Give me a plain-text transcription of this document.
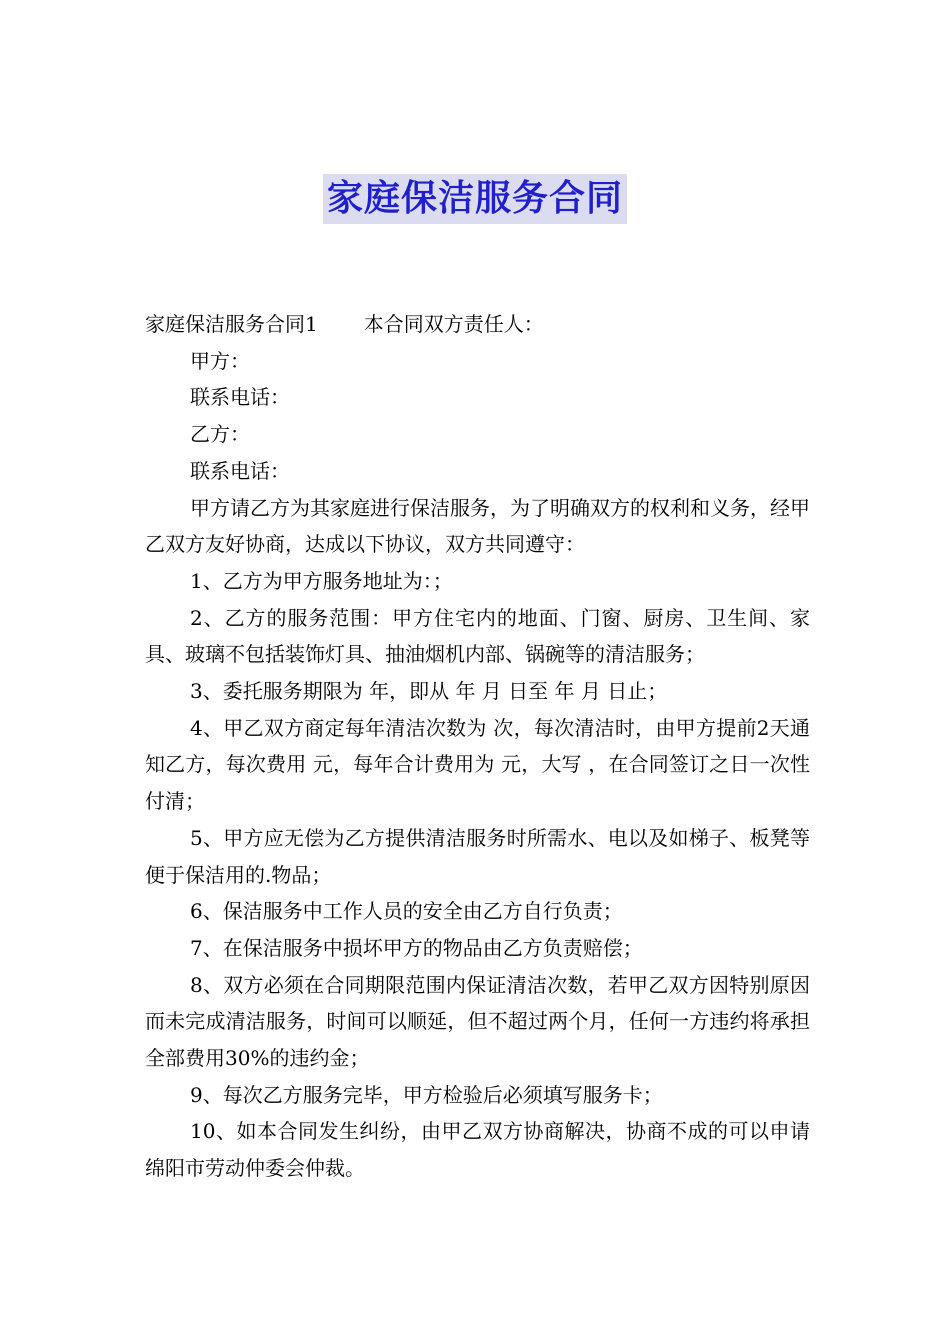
家庭保洁服务合同

家庭保洁服务合同1 本合同双方责任人：

甲方：

联系电话：

乙方：

联系电话：

甲方请乙方为其家庭进行保洁服务，为了明确双方的权利和义务，经甲乙双方友好协商，达成以下协议，双方共同遵守：

1、乙方为甲方服务地址为：；

2、乙方的服务范围：甲方住宅内的地面、门窗、厨房、卫生间、家具、玻璃不包括装饰灯具、抽油烟机内部、锅碗等的清洁服务；

3、委托服务期限为 年，即从 年 月 日至 年 月 日止；

4、甲乙双方商定每年清洁次数为 次，每次清洁时，由甲方提前2天通知乙方，每次费用 元，每年合计费用为 元，大写 ，在合同签订之日一次性付清；

5、甲方应无偿为乙方提供清洁服务时所需水、电以及如梯子、板凳等便于保洁用的.物品；

6、保洁服务中工作人员的安全由乙方自行负责；

7、在保洁服务中损坏甲方的物品由乙方负责赔偿；

8、双方必须在合同期限范围内保证清洁次数，若甲乙双方因特别原因而未完成清洁服务，时间可以顺延，但不超过两个月，任何一方违约将承担全部费用30%的违约金；

9、每次乙方服务完毕，甲方检验后必须填写服务卡；

10、如本合同发生纠纷，由甲乙双方协商解决，协商不成的可以申请绵阳市劳动仲委会仲裁。
